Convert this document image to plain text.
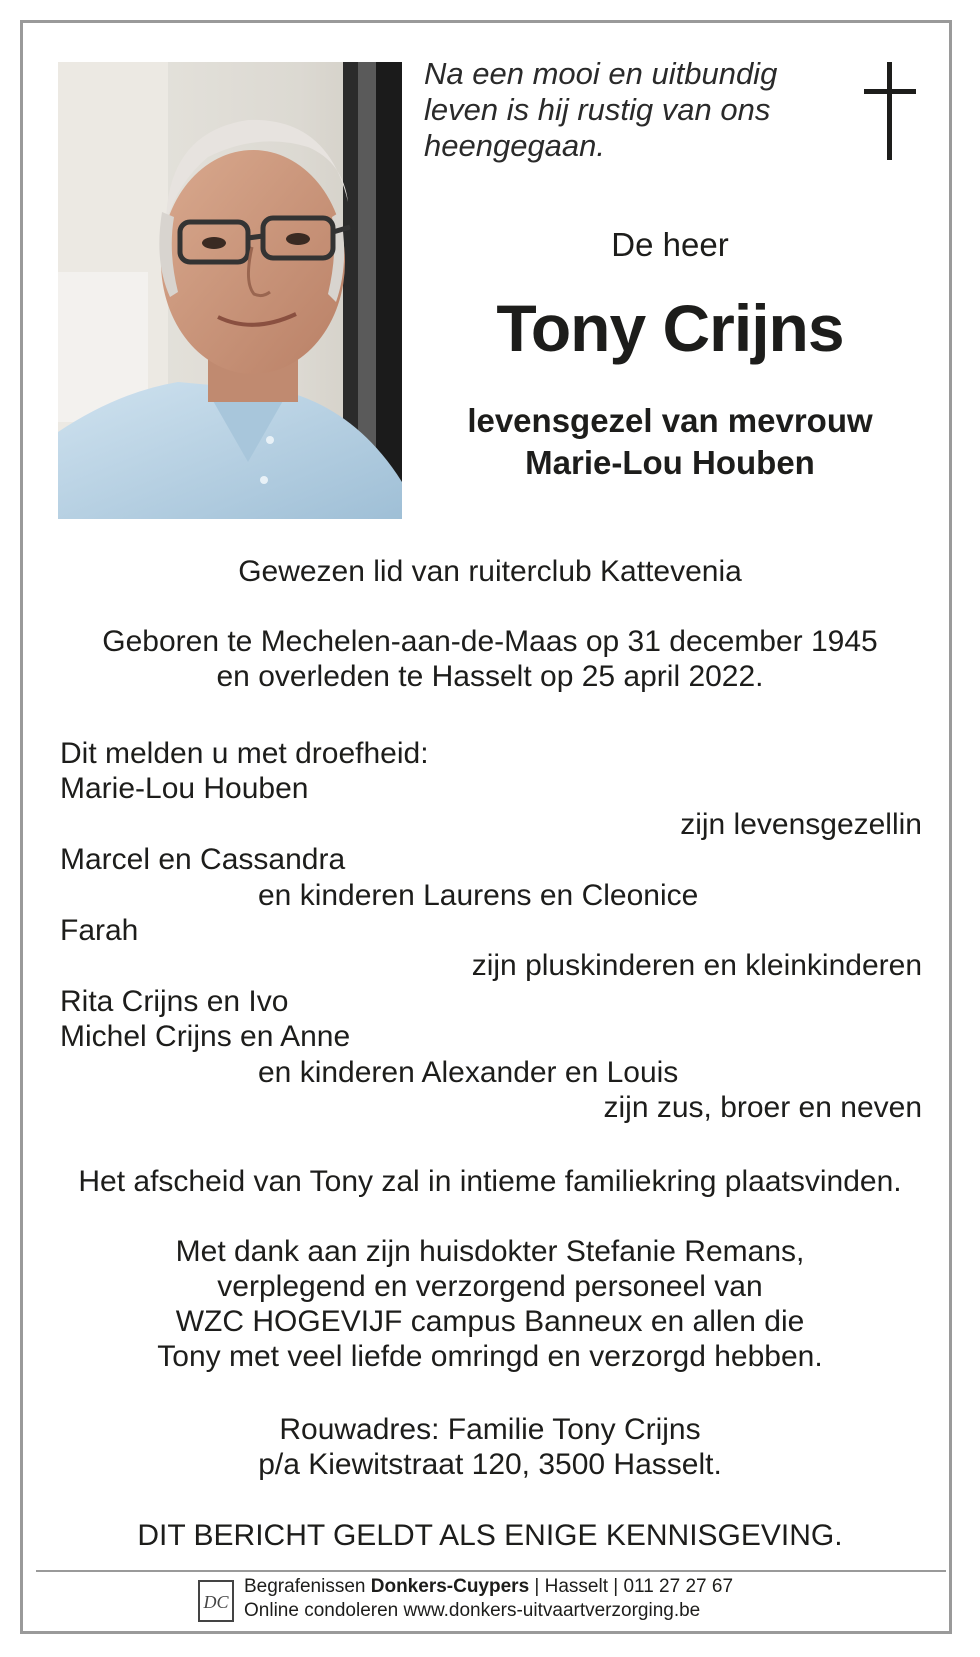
Na een mooi en uitbundig
leven is hij rustig van ons
heengegaan.
De heer
Tony Crijns
levensgezel van mevrouw
Marie-Lou Houben
Gewezen lid van ruiterclub Kattevenia
Geboren te Mechelen-aan-de-Maas op 31 december 1945
en overleden te Hasselt op 25 april 2022.
Dit melden u met droefheid:
Marie-Lou Houben
zijn levensgezellin
Marcel en Cassandra
en kinderen Laurens en Cleonice
Farah
zijn pluskinderen en kleinkinderen
Rita Crijns en Ivo
Michel Crijns en Anne
en kinderen Alexander en Louis
zijn zus, broer en neven
Het afscheid van Tony zal in intieme familiekring plaatsvinden.
Met dank aan zijn huisdokter Stefanie Remans,
verplegend en verzorgend personeel van
WZC HOGEVIJF campus Banneux en allen die
Tony met veel liefde omringd en verzorgd hebben.
Rouwadres: Familie Tony Crijns
p/a Kiewitstraat 120, 3500 Hasselt.
DIT BERICHT GELDT ALS ENIGE KENNISGEVING.
DC
Begrafenissen Donkers-Cuypers | Hasselt | 011 27 27 67
Online condoleren www.donkers-uitvaartverzorging.be
